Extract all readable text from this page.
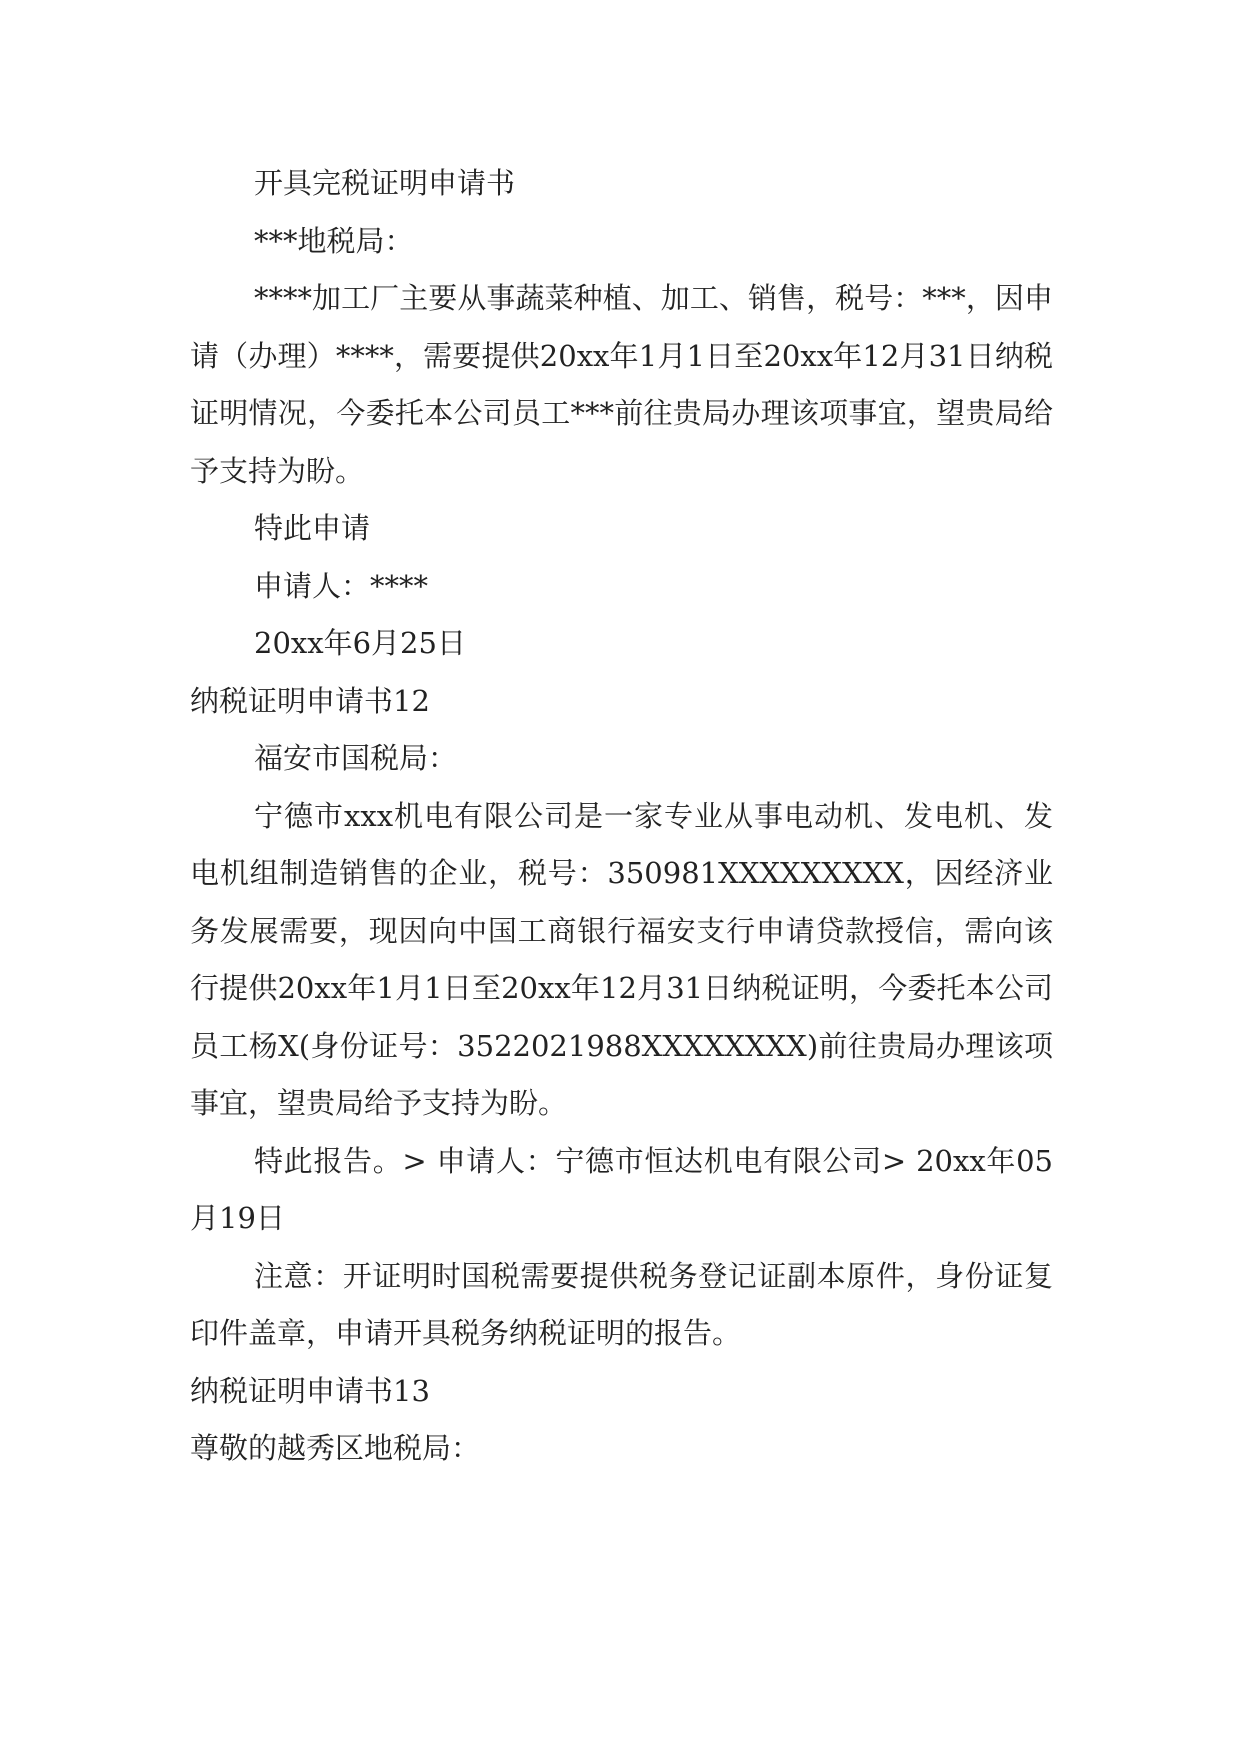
开具完税证明申请书

***地税局：

****加工厂主要从事蔬菜种植、加工、销售，税号：***，因申请（办理）****，需要提供20xx年1月1日至20xx年12月31日纳税证明情况，今委托本公司员工***前往贵局办理该项事宜，望贵局给予支持为盼。

特此申请

申请人：****

20xx年6月25日

纳税证明申请书12

福安市国税局：

宁德市xxx机电有限公司是一家专业从事电动机、发电机、发电机组制造销售的企业，税号：350981XXXXXXXXX，因经济业务发展需要，现因向中国工商银行福安支行申请贷款授信，需向该行提供20xx年1月1日至20xx年12月31日纳税证明，今委托本公司员工杨X(身份证号：3522021988XXXXXXXX)前往贵局办理该项事宜，望贵局给予支持为盼。

特此报告。> 申请人：宁德市恒达机电有限公司> 20xx年05月19日

注意：开证明时国税需要提供税务登记证副本原件，身份证复印件盖章，申请开具税务纳税证明的报告。

纳税证明申请书13

尊敬的越秀区地税局：
